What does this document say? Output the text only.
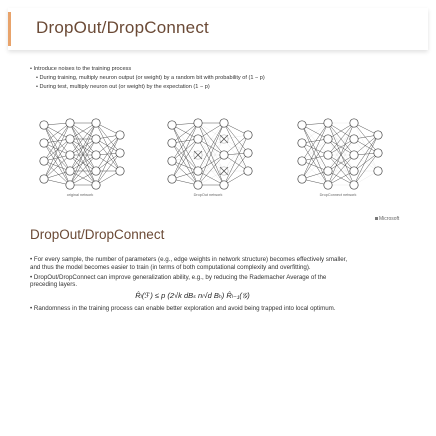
DropOut/DropConnect
• Introduce noises to the training process
• During training, multiply neuron output (or weight) by a random bit with probability of (1 − p)
• During test, multiply neuron out (or weight) by the expectation (1 − p)
original network	DropOut network	DropConnect network
Microsoft
DropOut/DropConnect
• For every sample, the number of parameters (e.g., edge weights in network structure) becomes effectively smaller, and thus the model becomes easier to train (in terms of both computational complexity and overfitting).
• DropOut/DropConnect can improve generalization ability, e.g., by reducing the Rademacher Average of the preceding layers.
R̂ₗ(ℱ) ≤ p (2√k dBₛ nₗ√d Bₕ) R̂ₗ₋₁(𝒢)
• Randomness in the training process can enable better exploration and avoid being trapped into local optimum.
